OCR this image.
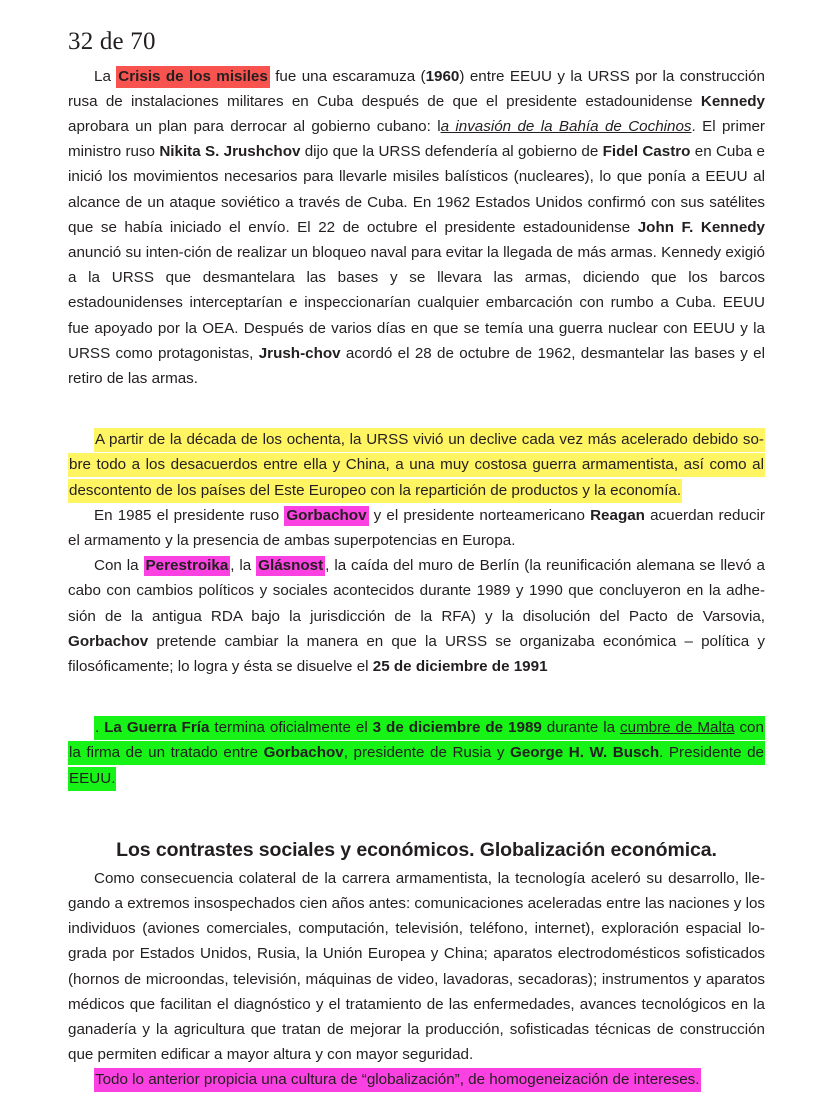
32 de 70

La Crisis de los misiles fue una escaramuza (1960) entre EEUU y la URSS por la construcción rusa de instalaciones militares en Cuba después de que el presidente estadounidense Kennedy aprobara un plan para derrocar al gobierno cubano: la invasión de la Bahía de Cochinos. El primer ministro ruso Nikita S. Jrushchov dijo que la URSS defendería al gobierno de Fidel Castro en Cuba e inició los movimientos necesarios para llevarle misiles balísticos (nucleares), lo que ponía a EEUU al alcance de un ataque soviético a través de Cuba. En 1962 Estados Unidos confirmó con sus satélites que se había iniciado el envío. El 22 de octubre el presidente estadounidense John F. Kennedy anunció su inten-ción de realizar un bloqueo naval para evitar la llegada de más armas. Kennedy exigió a la URSS que desmantelara las bases y se llevara las armas, diciendo que los barcos estadounidenses interceptarían e inspeccionarían cualquier embarcación con rumbo a Cuba. EEUU fue apoyado por la OEA. Después de varios días en que se temía una guerra nuclear con EEUU y la URSS como protagonistas, Jrush-chov acordó el 28 de octubre de 1962, desmantelar las bases y el retiro de las armas.

A partir de la década de los ochenta, la URSS vivió un declive cada vez más acelerado debido so-bre todo a los desacuerdos entre ella y China, a una muy costosa guerra armamentista, así como al descontento de los países del Este Europeo con la repartición de productos y la economía.

En 1985 el presidente ruso Gorbachov y el presidente norteamericano Reagan acuerdan reducir el armamento y la presencia de ambas superpotencias en Europa.

Con la Perestroika , la Glásnost , la caída del muro de Berlín (la reunificación alemana se llevó a cabo con cambios políticos y sociales acontecidos durante 1989 y 1990 que concluyeron en la adhe-sión de la antigua RDA bajo la jurisdicción de la RFA) y la disolución del Pacto de Varsovia, Gorbachov pretende cambiar la manera en que la URSS se organizaba económica – política y filosóficamente; lo logra y ésta se disuelve el 25 de diciembre de 1991

. La Guerra Fría termina oficialmente el 3 de diciembre de 1989 durante la cumbre de Malta con la firma de un tratado entre Gorbachov, presidente de Rusia y George H. W. Busch. Presidente de EEUU.

Los contrastes sociales y económicos. Globalización económica.

Como consecuencia colateral de la carrera armamentista, la tecnología aceleró su desarrollo, lle-gando a extremos insospechados cien años antes: comunicaciones aceleradas entre las naciones y los individuos (aviones comerciales, computación, televisión, teléfono, internet), exploración espacial lo-grada por Estados Unidos, Rusia, la Unión Europea y China; aparatos electrodomésticos sofisticados (hornos de microondas, televisión, máquinas de video, lavadoras, secadoras); instrumentos y aparatos médicos que facilitan el diagnóstico y el tratamiento de las enfermedades, avances tecnológicos en la ganadería y la agricultura que tratan de mejorar la producción, sofisticadas técnicas de construcción que permiten edificar a mayor altura y con mayor seguridad.

Todo lo anterior propicia una cultura de “globalización”, de homogeneización de intereses.
